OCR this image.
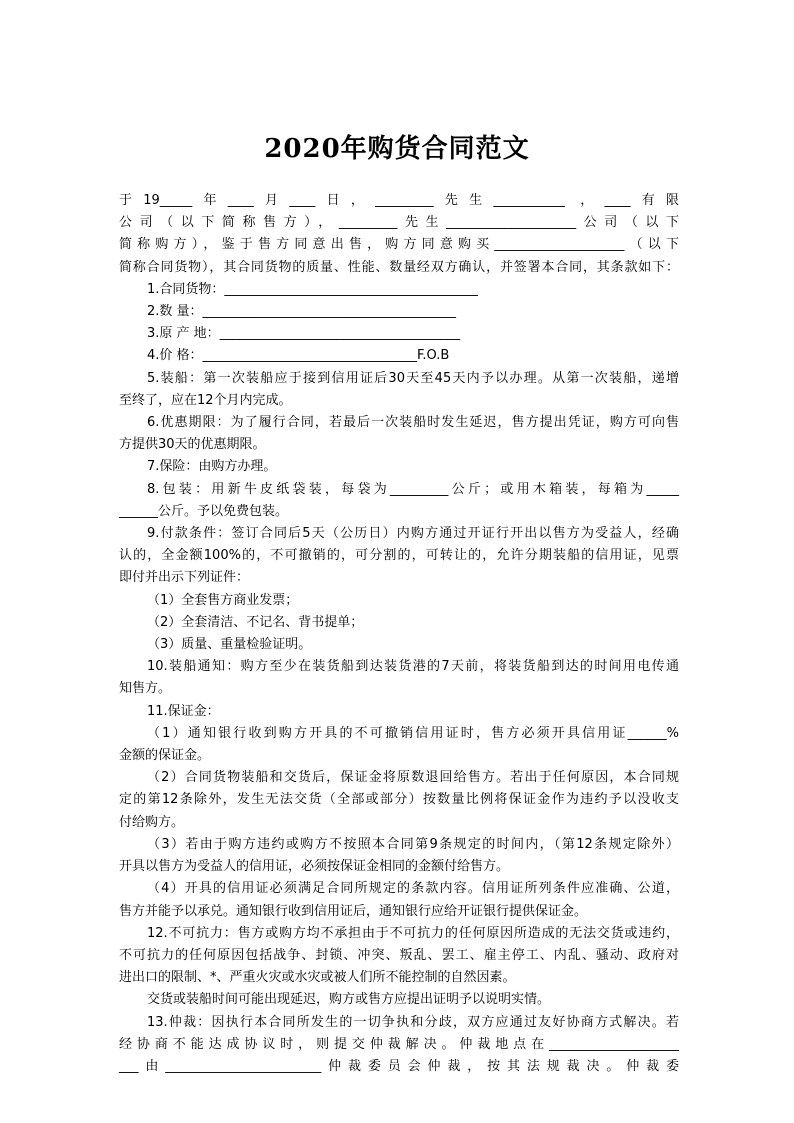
2020年购货合同范文

于19_____年____月____日，_________先生___________ ，____有限

公司（以下简称售方），_________先生____________________公司（以下

简称购方），鉴于售方同意出售，购方同意购买____________________（以下

简称合同货物），其合同货物的质量、性能、数量经双方确认，并签署本合同，其条款如下：

1.合同货物：_______________________________________

2.数 量：_______________________________________

3.原 产 地：_____________________________________

4.价 格：_________________________________F.O.B

5.装船：第一次装船应于接到信用证后30天至45天内予以办理。从第一次装船，递增

至终了，应在12个月内完成。

6.优惠期限：为了履行合同，若最后一次装船时发生延迟，售方提出凭证，购方可向售

方提供30天的优惠期限。

7.保险：由购方办理。

8.包装：用新牛皮纸袋装，每袋为_________公斤；或用木箱装，每箱为_____

______公斤。予以免费包装。

9.付款条件：签订合同后5天（公历日）内购方通过开证行开出以售方为受益人，经确

认的，全金额100%的，不可撤销的，可分割的，可转让的，允许分期装船的信用证，见票

即付并出示下列证件：

（1）全套售方商业发票；

（2）全套清洁、不记名、背书提单；

（3）质量、重量检验证明。

10.装船通知：购方至少在装货船到达装货港的7天前，将装货船到达的时间用电传通

知售方。

11.保证金：

（1）通知银行收到购方开具的不可撤销信用证时，售方必须开具信用证______%

金额的保证金。

（2）合同货物装船和交货后，保证金将原数退回给售方。若出于任何原因，本合同规

定的第12条除外，发生无法交货（全部或部分）按数量比例将保证金作为违约予以没收支

付给购方。

（3）若由于购方违约或购方不按照本合同第9条规定的时间内，（第12条规定除外）

开具以售方为受益人的信用证，必须按保证金相同的金额付给售方。

（4）开具的信用证必须满足合同所规定的条款内容。信用证所列条件应准确、公道，

售方并能予以承兑。通知银行收到信用证后，通知银行应给开证银行提供保证金。

12.不可抗力：售方或购方均不承担由于不可抗力的任何原因所造成的无法交货或违约，

不可抗力的任何原因包括战争、封锁、冲突、叛乱、罢工、雇主停工、内乱、骚动、政府对

进出口的限制、*、严重火灾或水灾或被人们所不能控制的自然因素。

交货或装船时间可能出现延迟，购方或售方应提出证明予以说明实情。

13.仲裁：因执行本合同所发生的一切争执和分歧，双方应通过友好协商方式解决。若

经协商不能达成协议时，则提交仲裁解决。仲裁地点在____________________

___由________________________仲裁委员会仲裁，按其法规裁决。仲裁委
